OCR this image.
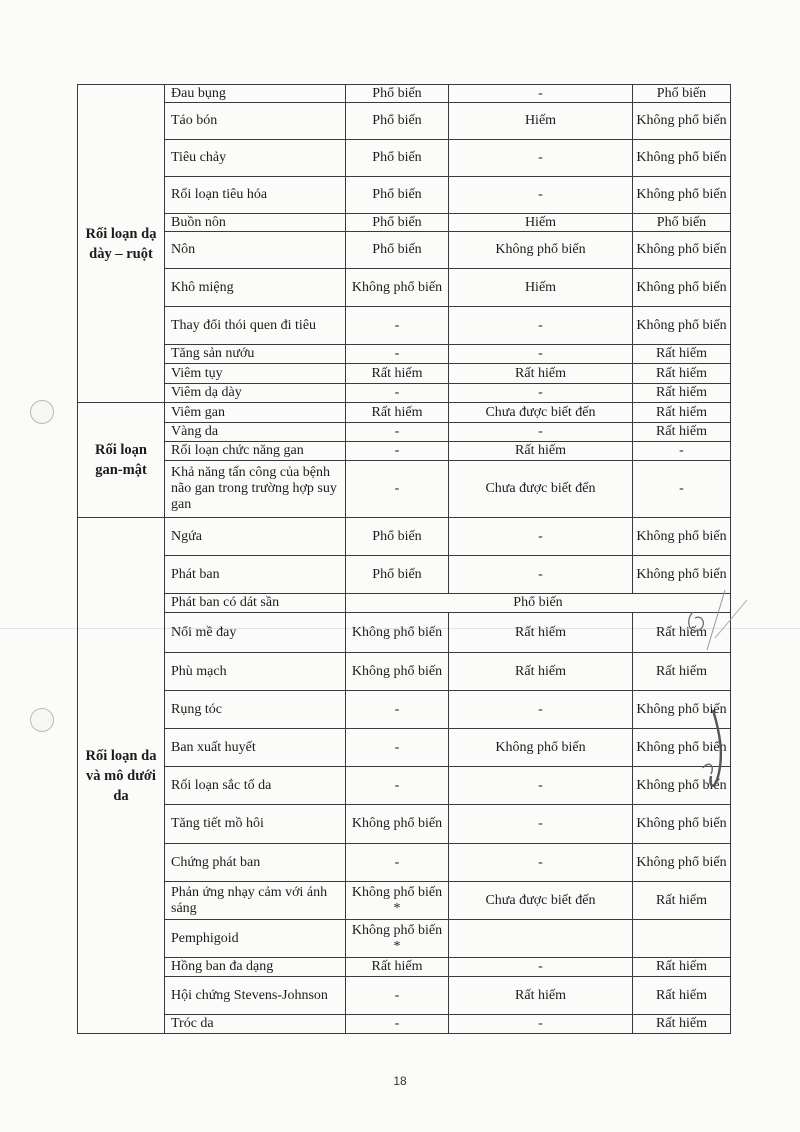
Rối loạn dạ dày – ruột	Đau bụng	Phổ biến	-	Phổ biến
	Táo bón	Phổ biến	Hiếm	Không phổ biến
	Tiêu chảy	Phổ biến	-	Không phổ biến
	Rối loạn tiêu hóa	Phổ biến	-	Không phổ biến
	Buồn nôn	Phổ biến	Hiếm	Phổ biến
	Nôn	Phổ biến	Không phổ biến	Không phổ biến
	Khô miệng	Không phổ biến	Hiếm	Không phổ biến
	Thay đổi thói quen đi tiêu	-	-	Không phổ biến
	Tăng sản nướu	-	-	Rất hiếm
	Viêm tụy	Rất hiếm	Rất hiếm	Rất hiếm
	Viêm dạ dày	-	-	Rất hiếm
Rối loạn gan-mật	Viêm gan	Rất hiếm	Chưa được biết đến	Rất hiếm
	Vàng da	-	-	Rất hiếm
	Rối loạn chức năng gan	-	Rất hiếm	-
	Khả năng tấn công của bệnh não gan trong trường hợp suy gan	-	Chưa được biết đến	-
Rối loạn da và mô dưới da	Ngứa	Phổ biến	-	Không phổ biến
	Phát ban	Phổ biến	-	Không phổ biến
	Phát ban có dát sần	Phổ biến		
	Nổi mề đay	Không phổ biến	Rất hiếm	Rất hiếm
	Phù mạch	Không phổ biến	Rất hiếm	Rất hiếm
	Rụng tóc	-	-	Không phổ biến
	Ban xuất huyết	-	Không phổ biến	Không phổ biến
	Rối loạn sắc tố da	-	-	Không phổ biến
	Tăng tiết mồ hôi	Không phổ biến	-	Không phổ biến
	Chứng phát ban	-	-	Không phổ biến
	Phản ứng nhạy cảm với ánh sáng	Không phổ biến *	Chưa được biết đến	Rất hiếm
	Pemphigoid	Không phổ biến *		
	Hồng ban đa dạng	Rất hiếm	-	Rất hiếm
	Hội chứng Stevens-Johnson	-	Rất hiếm	Rất hiếm
	Tróc da	-	-	Rất hiếm
18
